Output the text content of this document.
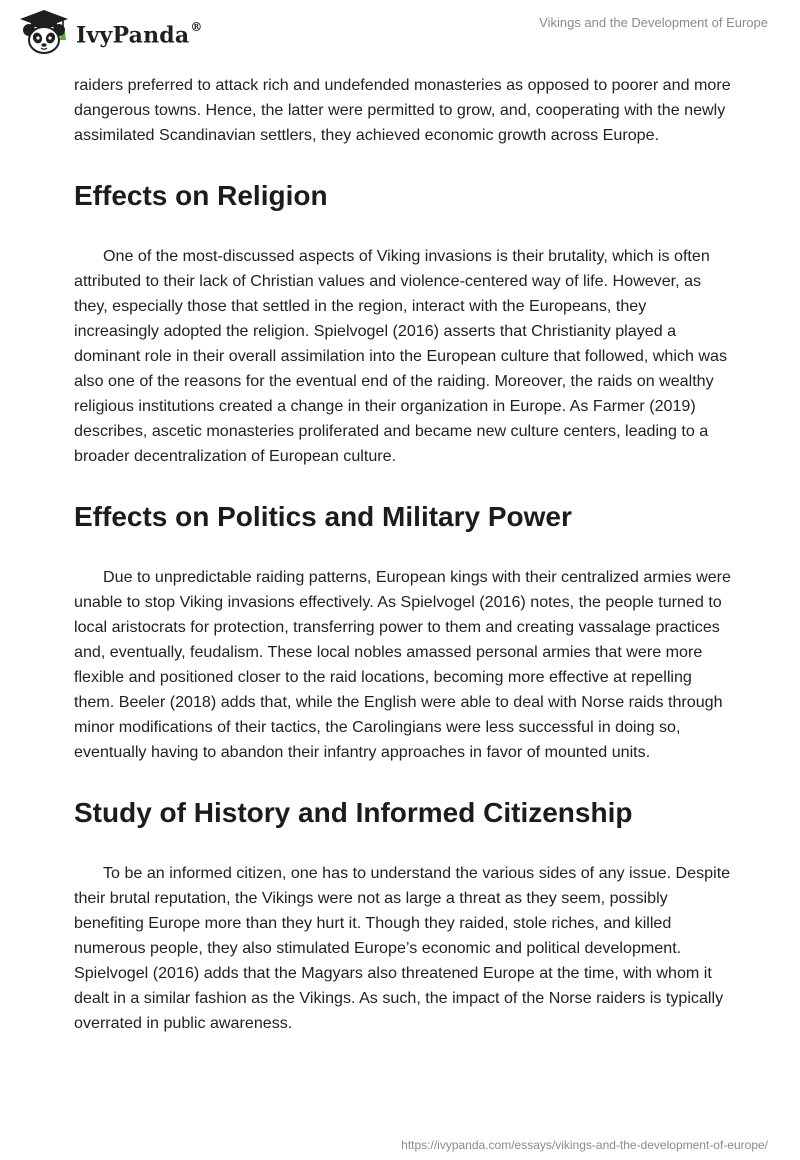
IvyPanda®	Vikings and the Development of Europe

raiders preferred to attack rich and undefended monasteries as opposed to poorer and more dangerous towns. Hence, the latter were permitted to grow, and, cooperating with the newly assimilated Scandinavian settlers, they achieved economic growth across Europe.

Effects on Religion

One of the most-discussed aspects of Viking invasions is their brutality, which is often attributed to their lack of Christian values and violence-centered way of life. However, as they, especially those that settled in the region, interact with the Europeans, they increasingly adopted the religion. Spielvogel (2016) asserts that Christianity played a dominant role in their overall assimilation into the European culture that followed, which was also one of the reasons for the eventual end of the raiding. Moreover, the raids on wealthy religious institutions created a change in their organization in Europe. As Farmer (2019) describes, ascetic monasteries proliferated and became new culture centers, leading to a broader decentralization of European culture.

Effects on Politics and Military Power

Due to unpredictable raiding patterns, European kings with their centralized armies were unable to stop Viking invasions effectively. As Spielvogel (2016) notes, the people turned to local aristocrats for protection, transferring power to them and creating vassalage practices and, eventually, feudalism. These local nobles amassed personal armies that were more flexible and positioned closer to the raid locations, becoming more effective at repelling them. Beeler (2018) adds that, while the English were able to deal with Norse raids through minor modifications of their tactics, the Carolingians were less successful in doing so, eventually having to abandon their infantry approaches in favor of mounted units.

Study of History and Informed Citizenship

To be an informed citizen, one has to understand the various sides of any issue. Despite their brutal reputation, the Vikings were not as large a threat as they seem, possibly benefiting Europe more than they hurt it. Though they raided, stole riches, and killed numerous people, they also stimulated Europe’s economic and political development. Spielvogel (2016) adds that the Magyars also threatened Europe at the time, with whom it dealt in a similar fashion as the Vikings. As such, the impact of the Norse raiders is typically overrated in public awareness.

https://ivypanda.com/essays/vikings-and-the-development-of-europe/
